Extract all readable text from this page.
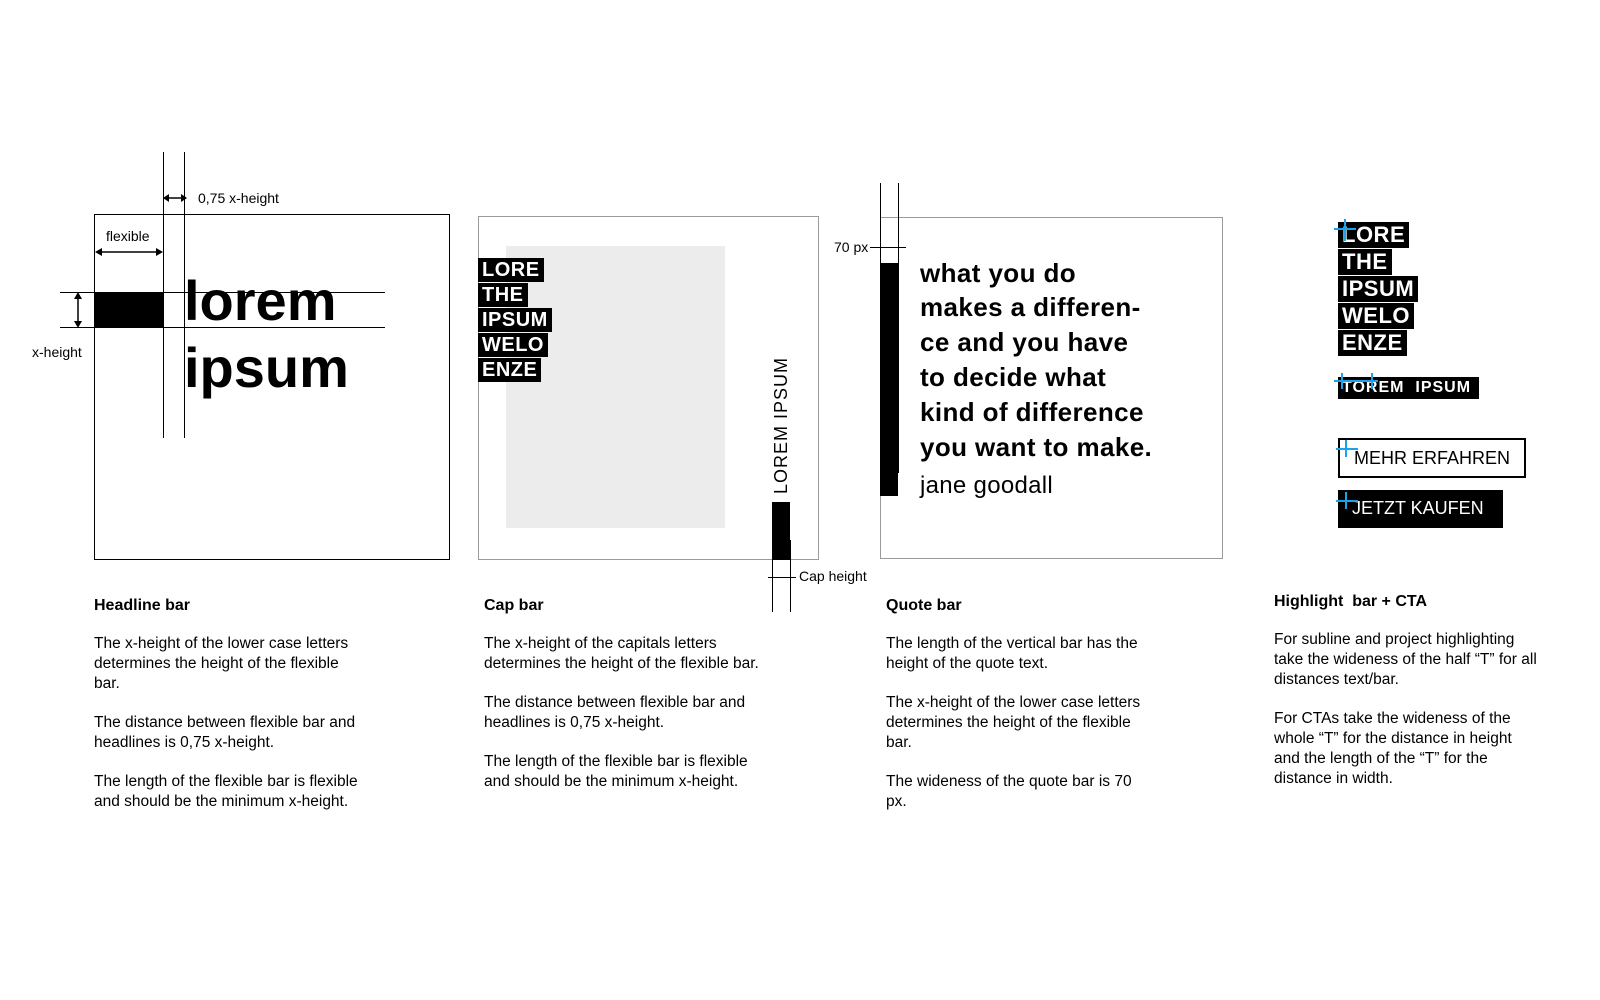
0,75 x-height
flexible
x-height
lorem
ipsum
Headline bar

The x-height of the lower case letters determines the height of the flexible bar.

The distance between flexible bar and headlines is 0,75 x-height.

The length of the flexible bar is flexible and should be the minimum x-height.

LORE
THE
IPSUM
WELO
ENZE	LOREM IPSUM
Cap height
Cap bar

The x-height of the capitals letters determines the height of the flexible bar.

The distance between flexible bar and headlines is 0,75 x-height.

The length of the flexible bar is flexible and should be the minimum x-height.

70 px
what you do
makes a differen-
ce and you have
to decide what
kind of difference
you want to make.
jane goodall
Quote bar

The length of the vertical bar has the height of the quote text.

The x-height of the lower case letters determines the height of the flexible bar.

The wideness of the quote bar is 70 px.

LORE
THE
IPSUM
WELO
ENZE
TOREM  IPSUM
MEHR ERFAHREN
JETZT KAUFEN
Highlight  bar + CTA

For subline and project highlighting take the wideness of the half “T” for all distances text/bar.

For CTAs take the wideness of the whole “T” for the distance in height and the length of the “T” for the distance in width.
